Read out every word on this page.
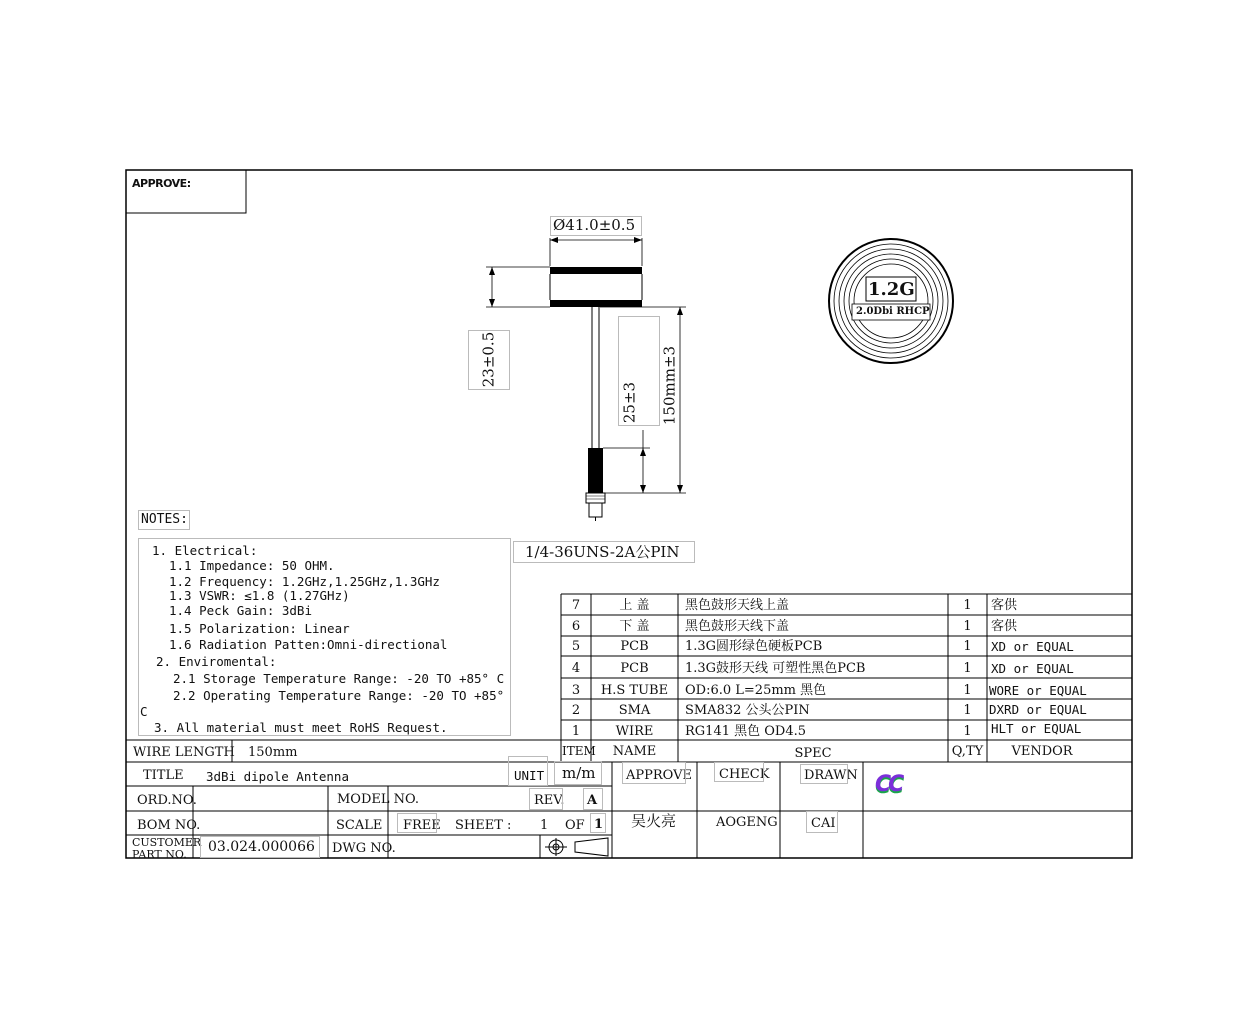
APPROVE:
Ø41.0±0.5
23±0.5
25±3 150mm±3
1/4-36UNS-2A公PIN
1.2G
2.0Dbi RHCP
NOTES:
1. Electrical:
1.1 Impedance: 50 OHM.
1.2 Frequency: 1.2GHz,1.25GHz,1.3GHz
1.3 VSWR: ≤1.8 (1.27GHz)
1.4 Peck Gain: 3dBi
1.5 Polarization: Linear
1.6 Radiation Patten:Omni-directional
2. Enviromental:
2.1 Storage Temperature Range: -20 TO +85° C
2.2 Operating Temperature Range: -20 TO +85°
C
3. All material must meet RoHS Request.
7	上 盖	黑色鼓形天线上盖	1	客供
6	下 盖	黑色鼓形天线下盖	1	客供
5	PCB	1.3G圆形绿色硬板PCB	1	XD or EQUAL
4	PCB	1.3G鼓形天线 可塑性黑色PCB	1	XD or EQUAL
3	H.S TUBE	OD:6.0 L=25mm 黑色	1	WORE or EQUAL
2	SMA	SMA832 公头公PIN	1	DXRD or EQUAL
1	WIRE	RG141 黑色 OD4.5	1	HLT or EQUAL
ITEM	NAME	SPEC	Q,TY	VENDOR
WIRE LENGTH 150mm
TITLE 3dBi dipole Antenna	UNIT m/m APPROVE CHECK	DRAWN
ORD.NO.	MODEL NO.	REV. A
BOM NO.	SCALE FREE SHEET : 1 OF 1 吴火亮	AOGENG	CAI
CUSTOMER
PART NO. 03.024.000066 DWG NO.
CC
